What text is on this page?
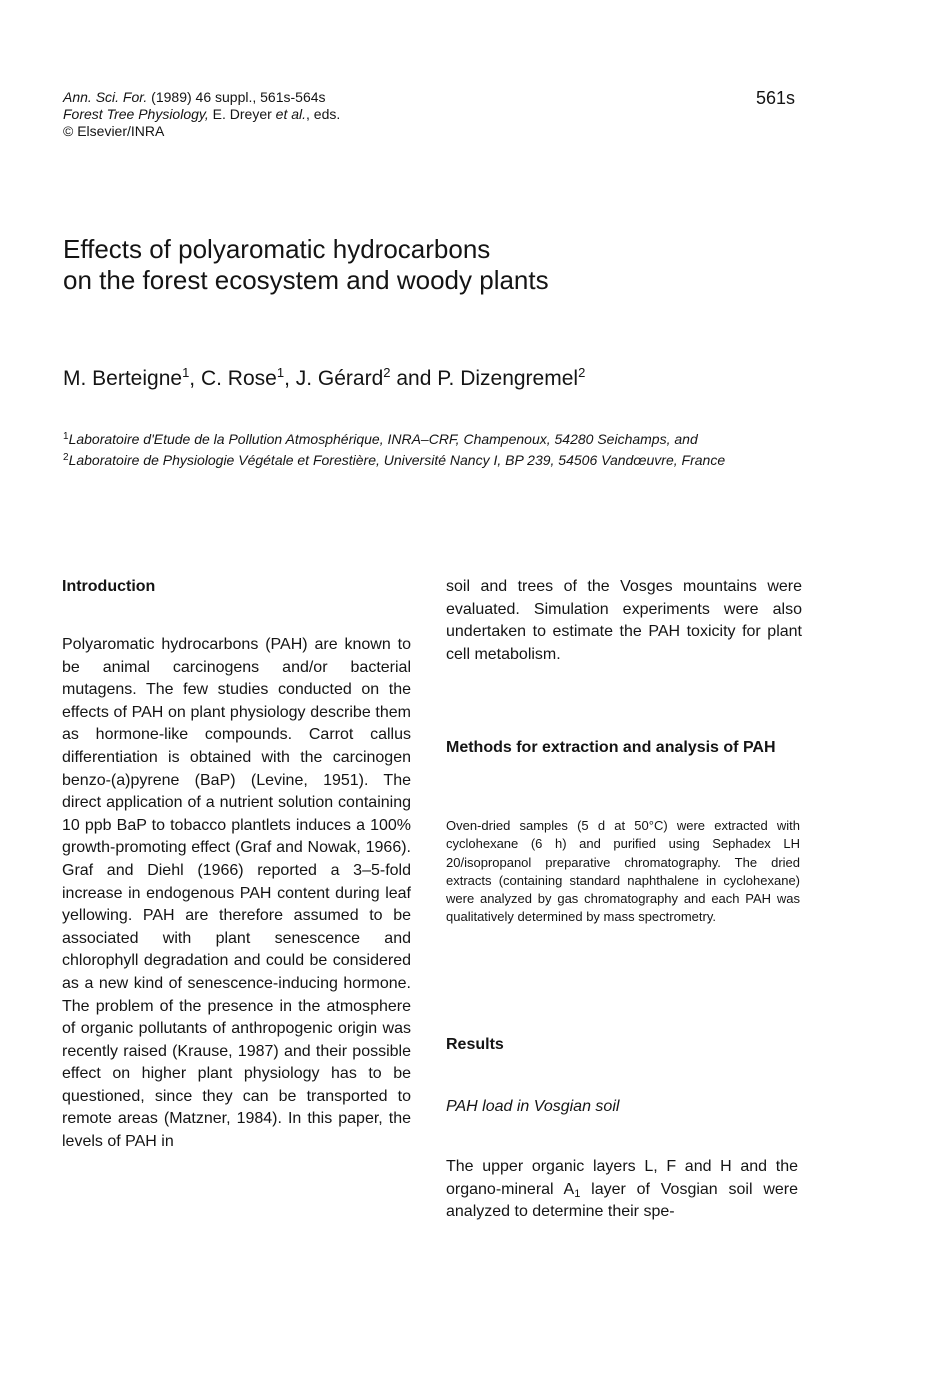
Ann. Sci. For. (1989) 46 suppl., 561s-564s
Forest Tree Physiology, E. Dreyer et al., eds.
© Elsevier/INRA
561s
Effects of polyaromatic hydrocarbons
on the forest ecosystem and woody plants
M. Berteigne$^1$, C. Rose$^1$, J. Gérard$^2$ and P. Dizengremel$^2$
$^1$Laboratoire d'Etude de la Pollution Atmosphérique, INRA–CRF, Champenoux, 54280 Seichamps, and
$^2$Laboratoire de Physiologie Végétale et Forestière, Université Nancy I, BP 239, 54506 Vandœuvre, France
Introduction

Polyaromatic hydrocarbons (PAH) are known to be animal carcinogens and/or bacterial mutagens. The few studies conducted on the effects of PAH on plant physiology describe them as hormone-like compounds. Carrot callus differentiation is obtained with the carcinogen benzo-(a)pyrene (BaP) (Levine, 1951). The direct application of a nutrient solution containing 10 ppb BaP to tobacco plantlets induces a 100% growth-promoting effect (Graf and Nowak, 1966). Graf and Diehl (1966) reported a 3–5-fold increase in endogenous PAH content during leaf yellowing. PAH are therefore assumed to be associated with plant senescence and chlorophyll degradation and could be considered as a new kind of senescence-inducing hormone. The problem of the presence in the atmosphere of organic pollutants of anthropogenic origin was recently raised (Krause, 1987) and their possible effect on higher plant physiology has to be questioned, since they can be transported to remote areas (Matzner, 1984). In this paper, the levels of PAH in

soil and trees of the Vosges mountains were evaluated. Simulation experiments were also undertaken to estimate the PAH toxicity for plant cell metabolism.

Methods for extraction and analysis of PAH

Oven-dried samples (5 d at 50°C) were extracted with cyclohexane (6 h) and purified using Sephadex LH 20/isopropanol preparative chromatography. The dried extracts (containing standard naphthalene in cyclohexane) were analyzed by gas chromatography and each PAH was qualitatively determined by mass spectrometry.

Results
PAH load in Vosgian soil

The upper organic layers L, F and H and the organo-mineral $A_1$ layer of Vosgian soil were analyzed to determine their spe-
